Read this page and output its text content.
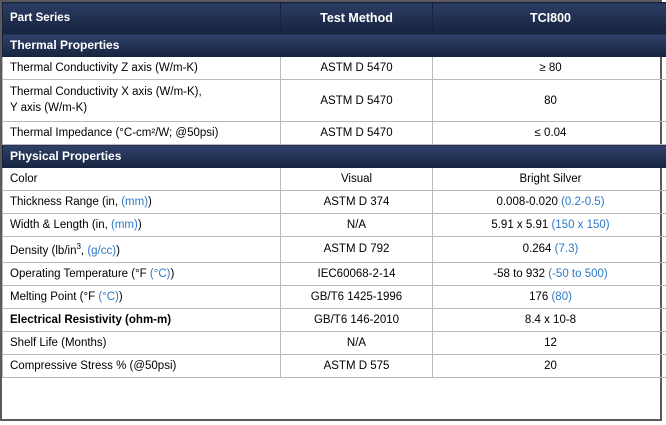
Part Series	Test Method	TCI800
Thermal Properties		
Thermal Conductivity Z axis (W/m-K)	ASTM D 5470	≥ 80
Thermal Conductivity X axis (W/m-K),
Y axis (W/m-K)	ASTM D 5470	80
Thermal Impedance (°C-cm²/W; @50psi)	ASTM D 5470	≤ 0.04
Physical Properties		
Color	Visual	Bright Silver
Thickness Range (in, (mm))	ASTM D 374	0.008-0.020 (0.2-0.5)
Width & Length (in, (mm))	N/A	5.91 x 5.91 (150 x 150)
Density ($lb/in^3$, (g/cc))	ASTM D 792	0.264 (7.3)
Operating Temperature (°F (°C))	IEC60068-2-14	-58 to 932 (-50 to 500)
Melting Point (°F (°C))	GB/T6 1425-1996	176 (80)
Electrical Resistivity (ohm-m)	GB/T6 146-2010	8.4 x 10-8
Shelf Life (Months)	N/A	12
Compressive Stress % (@50psi)	ASTM D 575	20
